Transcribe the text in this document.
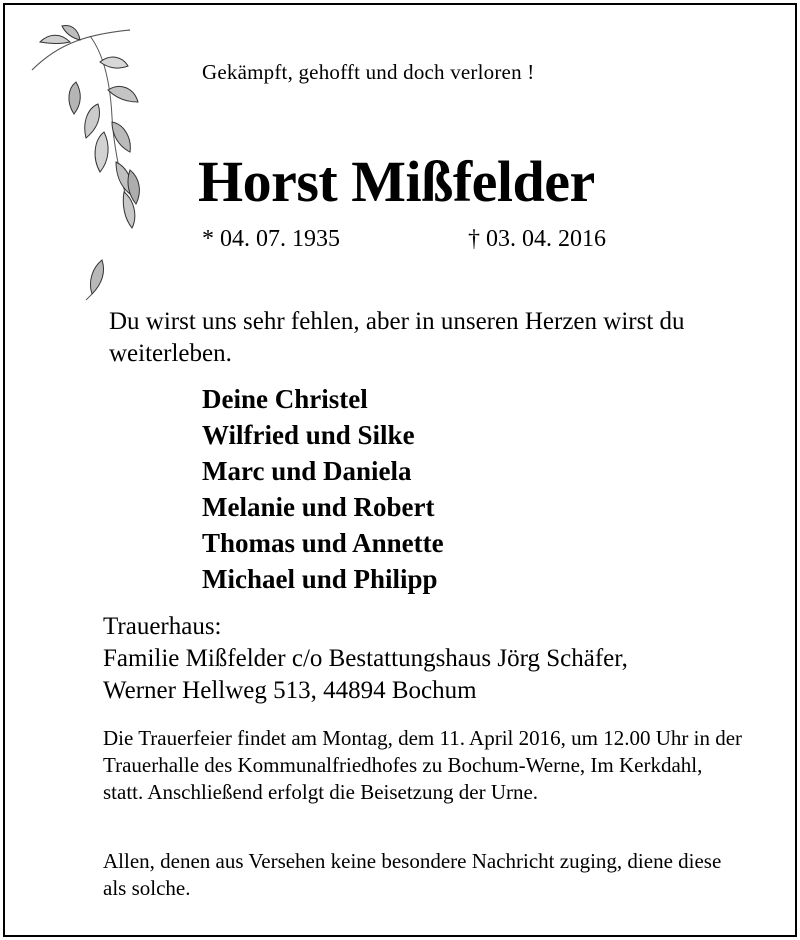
Gekämpft, gehofft und doch verloren !
Horst Mißfelder
* 04. 07. 1935	† 03. 04. 2016
Du wirst uns sehr fehlen, aber in unseren Herzen wirst du weiterleben.
Deine Christel
Wilfried und Silke
Marc und Daniela
Melanie und Robert
Thomas und Annette
Michael und Philipp
Trauerhaus:
Familie Mißfelder c/o Bestattungshaus Jörg Schäfer,
Werner Hellweg 513, 44894 Bochum
Die Trauerfeier findet am Montag, dem 11. April 2016, um 12.00 Uhr in der Trauerhalle des Kommunalfriedhofes zu Bochum-Werne, Im Kerkdahl, statt. Anschließend erfolgt die Beisetzung der Urne.
Allen, denen aus Versehen keine besondere Nachricht zuging, diene diese als solche.
